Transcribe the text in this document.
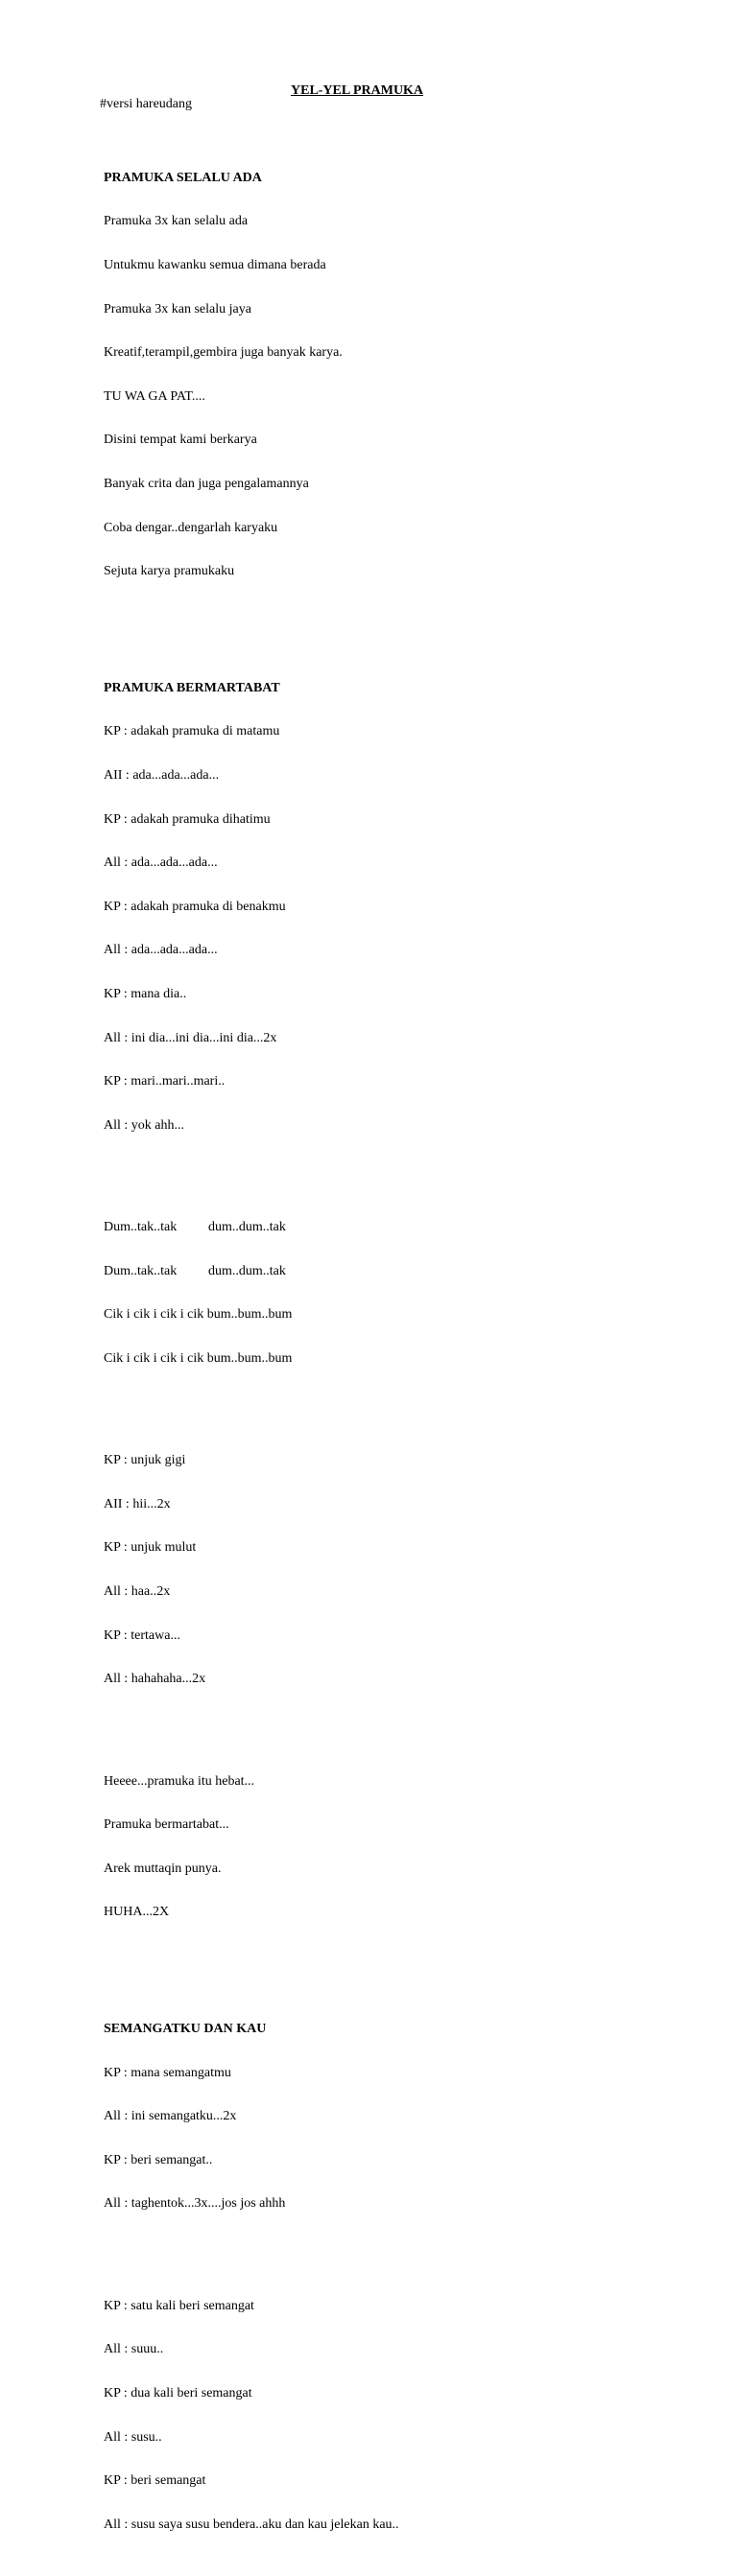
YEL-YEL PRAMUKA
#versi hareudang

PRAMUKA SELALU ADA

Pramuka 3x kan selalu ada

Untukmu kawanku semua dimana berada

Pramuka 3x kan selalu jaya

Kreatif,terampil,gembira juga banyak karya.

TU WA GA PAT....

Disini tempat kami berkarya

Banyak crita dan juga pengalamannya

Coba dengar..dengarlah karyaku

Sejuta karya pramukaku

PRAMUKA BERMARTABAT

KP : adakah pramuka di matamu

AII : ada...ada...ada...

KP : adakah pramuka dihatimu

All : ada...ada...ada...

KP : adakah pramuka di benakmu

All : ada...ada...ada...

KP : mana dia..

All : ini dia...ini dia...ini dia...2x

KP : mari..mari..mari..

All : yok ahh...

Dum..tak..tak dum..dum..tak

Dum..tak..tak dum..dum..tak

Cik i cik i cik i cik bum..bum..bum

Cik i cik i cik i cik bum..bum..bum

KP : unjuk gigi

AII : hii...2x

KP : unjuk mulut

All : haa..2x

KP : tertawa...

All : hahahaha...2x

Heeee...pramuka itu hebat...

Pramuka bermartabat...

Arek muttaqin punya.

HUHA...2X

SEMANGATKU DAN KAU

KP : mana semangatmu

All : ini semangatku...2x

KP : beri semangat..

All : taghentok...3x....jos jos ahhh

KP : satu kali beri semangat

All : suuu..

KP : dua kali beri semangat

All : susu..

KP : beri semangat

All : susu saya susu bendera..aku dan kau jelekan kau..
